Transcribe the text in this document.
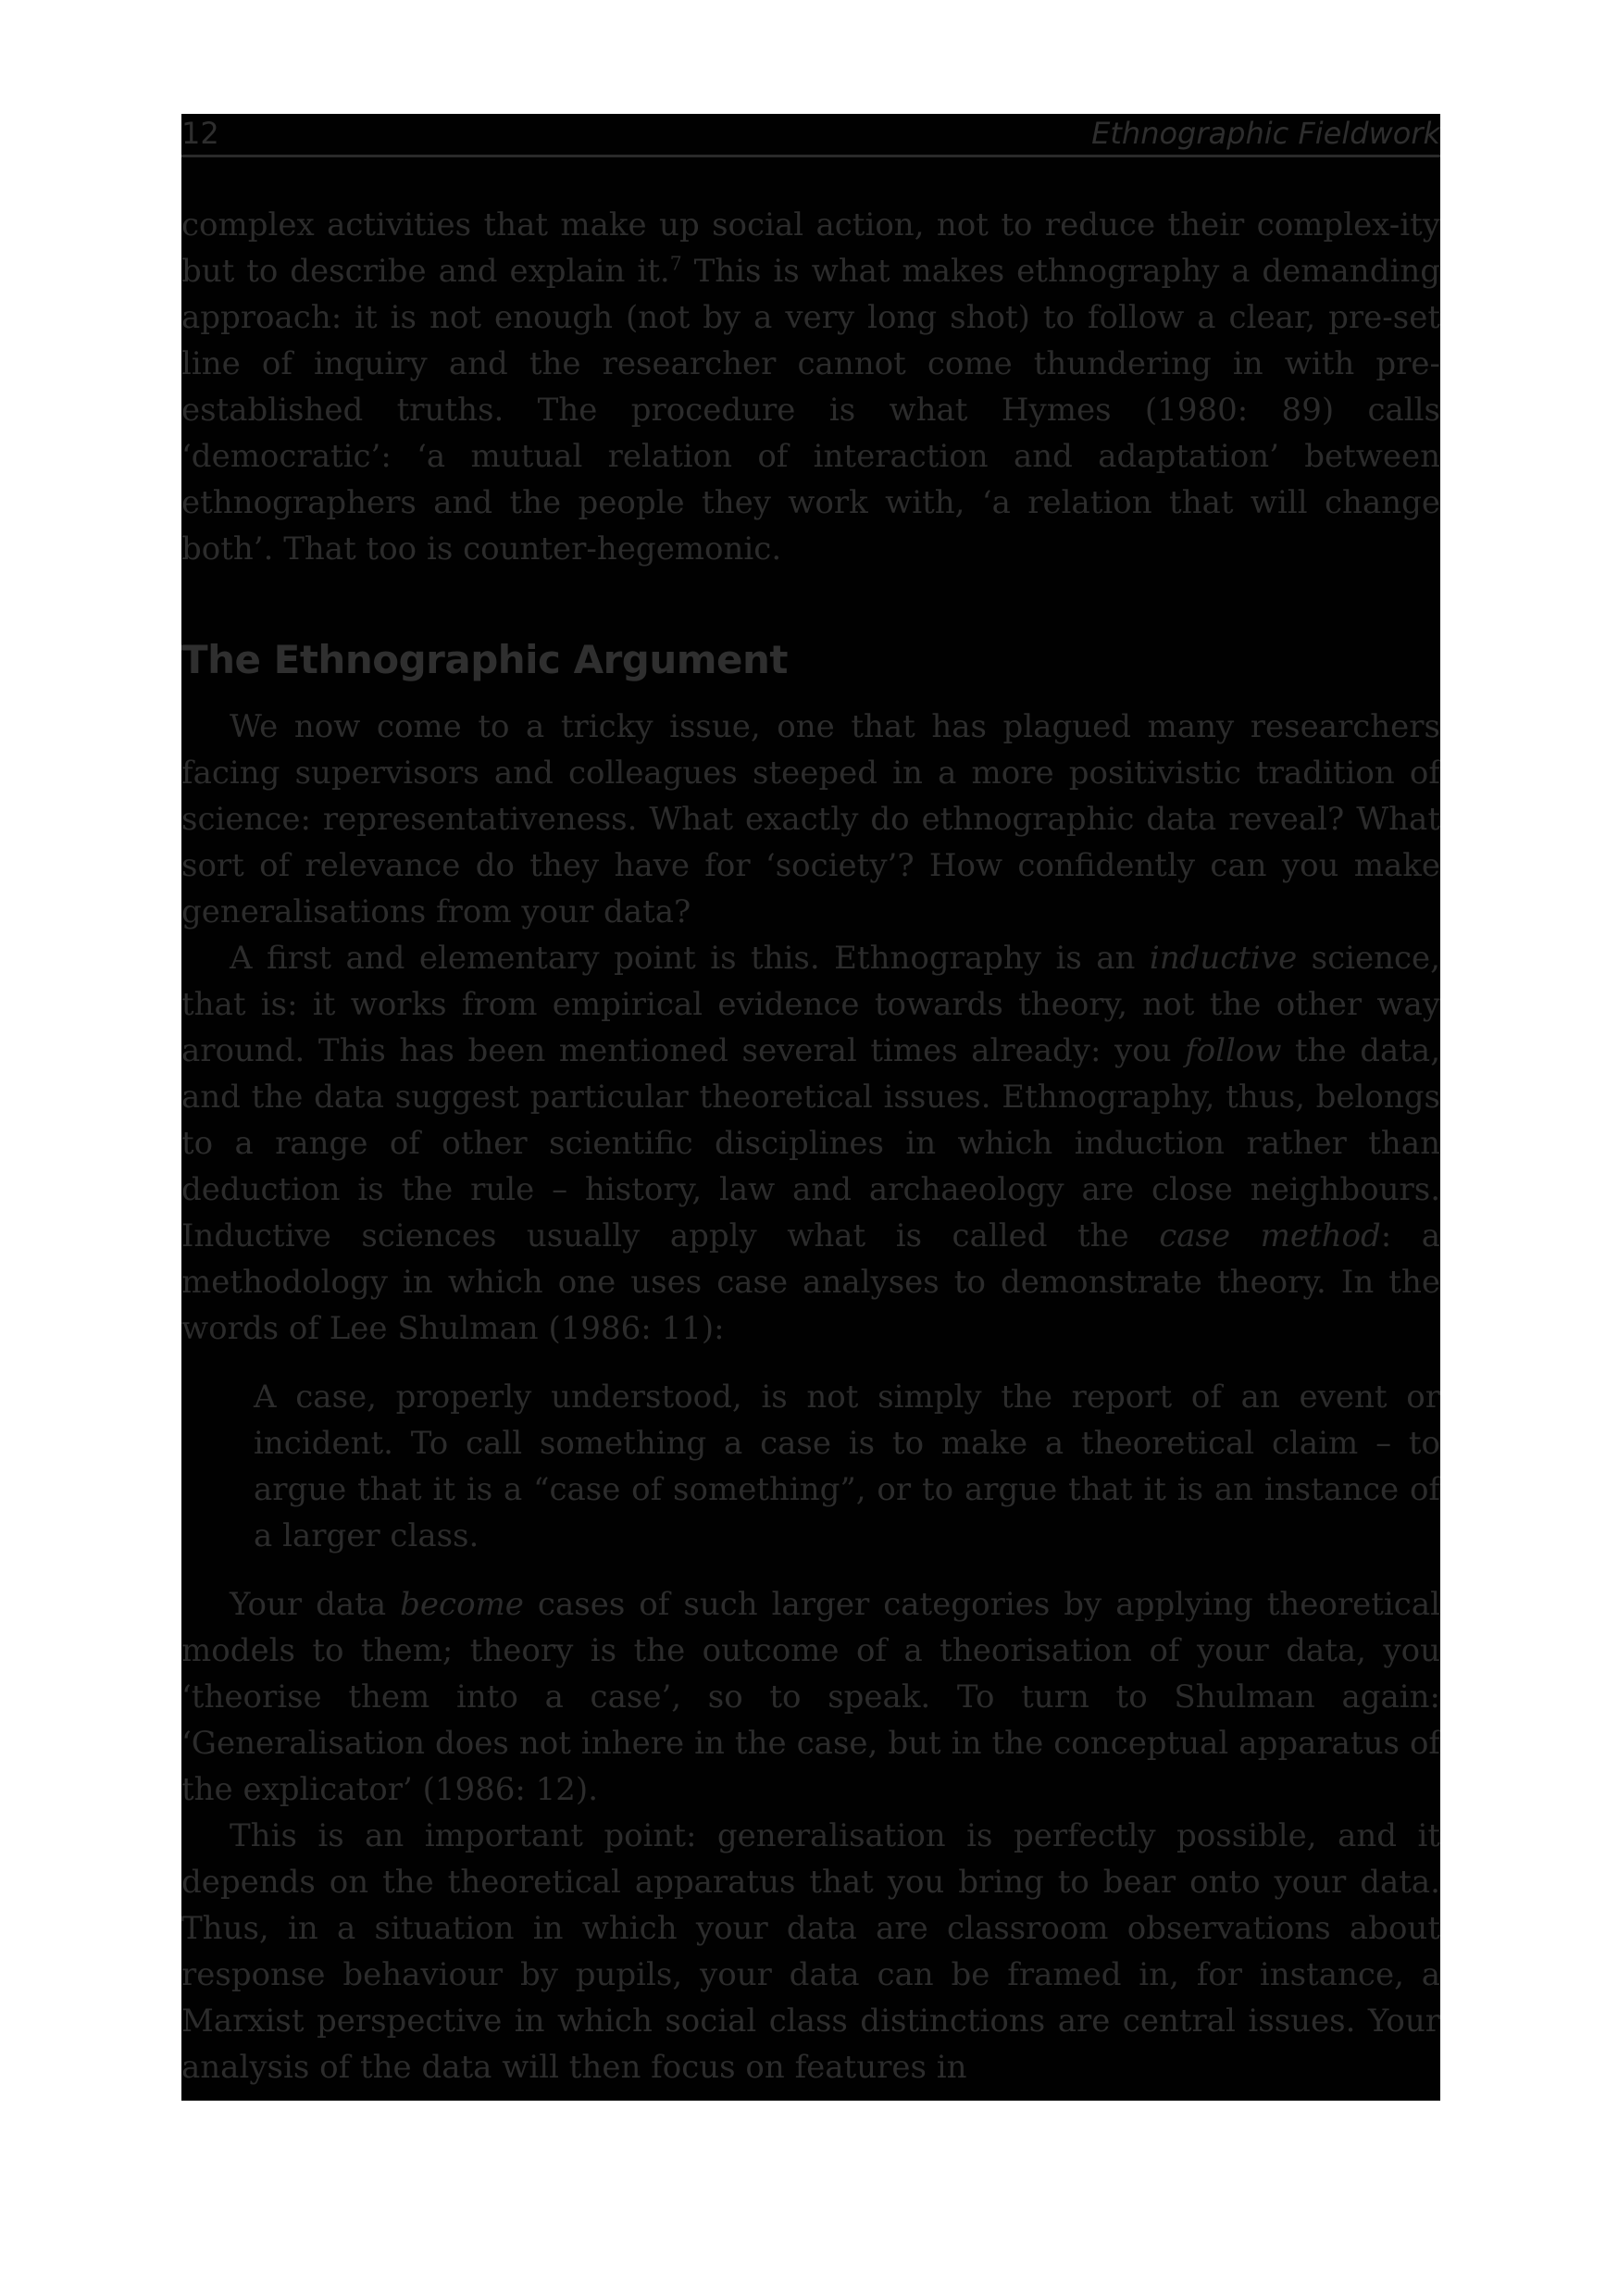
12	Ethnographic Fieldwork

complex activities that make up social action, not to reduce their complex-ity but to describe and explain it.$^7$ This is what makes ethnography a demanding approach: it is not enough (not by a very long shot) to follow a clear, pre-set line of inquiry and the researcher cannot come thundering in with pre-established truths. The procedure is what Hymes (1980: 89) calls ‘democratic’: ‘a mutual relation of interaction and adaptation’ between ethnographers and the people they work with, ‘a relation that will change both’. That too is counter-hegemonic.

The Ethnographic Argument

We now come to a tricky issue, one that has plagued many researchers facing supervisors and colleagues steeped in a more positivistic tradition of science: representativeness. What exactly do ethnographic data reveal? What sort of relevance do they have for ‘society’? How confidently can you make generalisations from your data?

A first and elementary point is this. Ethnography is an inductive science, that is: it works from empirical evidence towards theory, not the other way around. This has been mentioned several times already: you follow the data, and the data suggest particular theoretical issues. Ethnography, thus, belongs to a range of other scientific disciplines in which induction rather than deduction is the rule – history, law and archaeology are close neighbours. Inductive sciences usually apply what is called the case method: a methodology in which one uses case analyses to demonstrate theory. In the words of Lee Shulman (1986: 11):

A case, properly understood, is not simply the report of an event or incident. To call something a case is to make a theoretical claim – to argue that it is a “case of something”, or to argue that it is an instance of a larger class.

Your data become cases of such larger categories by applying theoretical models to them; theory is the outcome of a theorisation of your data, you ‘theorise them into a case’, so to speak. To turn to Shulman again: ‘Generalisation does not inhere in the case, but in the conceptual apparatus of the explicator’ (1986: 12).

This is an important point: generalisation is perfectly possible, and it depends on the theoretical apparatus that you bring to bear onto your data. Thus, in a situation in which your data are classroom observations about response behaviour by pupils, your data can be framed in, for instance, a Marxist perspective in which social class distinctions are central issues. Your analysis of the data will then focus on features in
